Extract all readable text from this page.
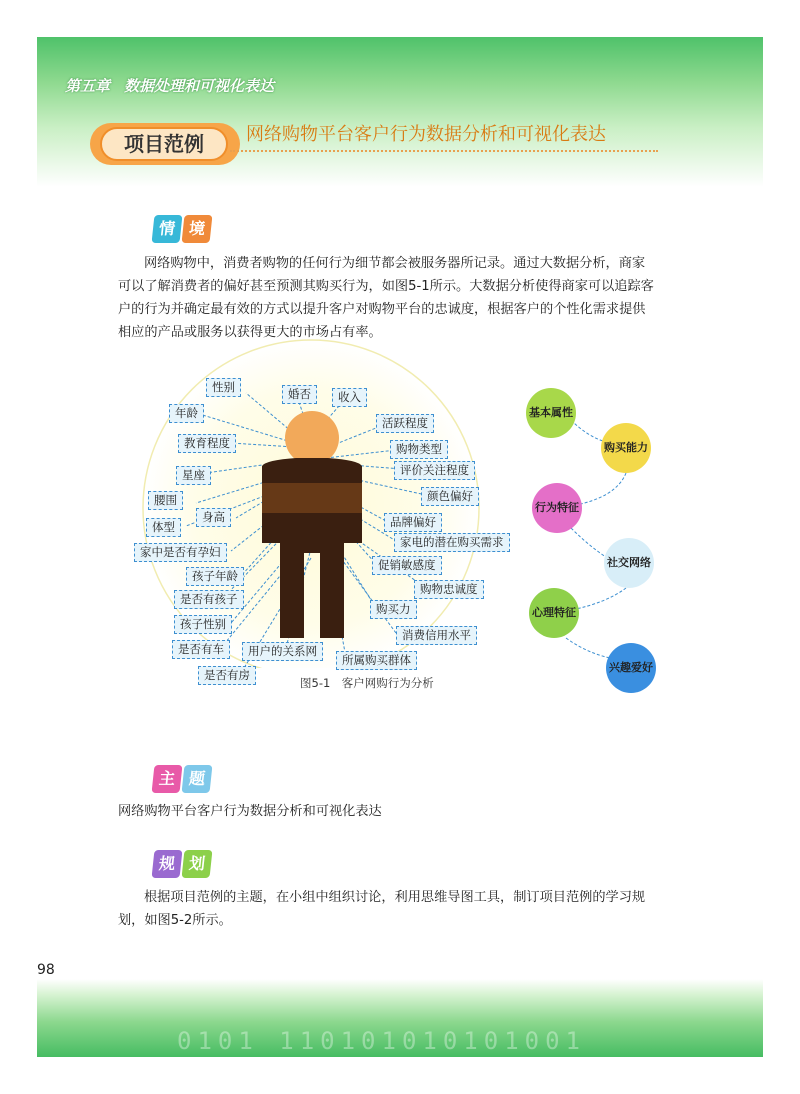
0101 110101010101001
第五章 数据处理和可视化表达
项目范例	网络购物平台客户行为数据分析和可视化表达
情 境
网络购物中，消费者购物的任何行为细节都会被服务器所记录。通过大数据分析，商家可以了解消费者的偏好甚至预测其购买行为，如图5-1所示。大数据分析使得商家可以追踪客户的行为并确定最有效的方式以提升客户对购物平台的忠诚度，根据客户的个性化需求提供相应的产品或服务以获得更大的市场占有率。
性别	婚否	收入
年龄
教育程度
星座
腰围
身高
体型
家中是否有孕妇
孩子年龄
是否有孩子
孩子性别
是否有车	用户的关系网
是否有房
活跃程度
购物类型
评价关注程度
颜色偏好
品牌偏好
家电的潜在购买需求
促销敏感度
购物忠诚度
购买力
消费信用水平
所属购买群体
基本属性
购买能力
行为特征
社交网络
心理特征
兴趣爱好
图5-1　客户网购行为分析
主 题
网络购物平台客户行为数据分析和可视化表达
规 划
根据项目范例的主题，在小组中组织讨论，利用思维导图工具，制订项目范例的学习规划，如图5-2所示。
98
